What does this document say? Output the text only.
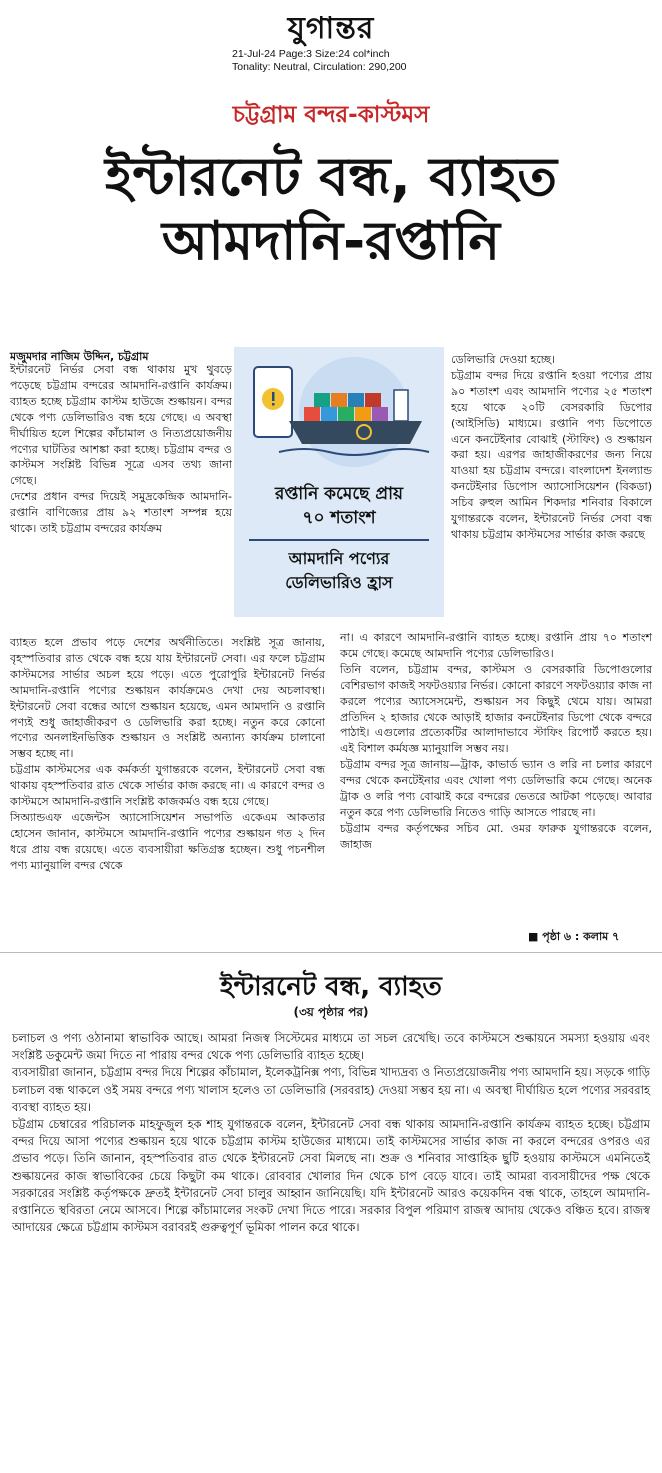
যুগান্তর
21-Jul-24 Page:3 Size:24 col*inch
Tonality: Neutral, Circulation: 290,200
চট্টগ্রাম বন্দর-কাস্টমস
ইন্টারনেট বন্ধ, ব্যাহত
আমদানি-রপ্তানি
মজুমদার নাজিম উদ্দিন, চট্টগ্রাম

ইন্টারনেট নির্ভর সেবা বন্ধ থাকায় মুখ থুবড়ে পড়েছে চট্টগ্রাম বন্দরের আমদানি-রপ্তানি কার্যক্রম। ব্যাহত হচ্ছে চট্টগ্রাম কাস্টম হাউজে শুল্কায়ন। বন্দর থেকে পণ্য ডেলিভারিও বন্ধ হয়ে গেছে। এ অবস্থা দীর্ঘায়িত হলে শিল্পের কাঁচামাল ও নিত্যপ্রয়োজনীয় পণ্যের ঘাটতির আশঙ্কা করা হচ্ছে। চট্টগ্রাম বন্দর ও কাস্টমস সংশ্লিষ্ট বিভিন্ন সূত্রে এসব তথ্য জানা গেছে।

দেশের প্রধান বন্দর দিয়েই সমুদ্রকেন্দ্রিক আমদানি-রপ্তানি বাণিজ্যের প্রায় ৯২ শতাংশ সম্পন্ন হয়ে থাকে। তাই চট্টগ্রাম বন্দরের কার্যক্রম

রপ্তানি কমেছে প্রায়
৭০ শতাংশ
আমদানি পণ্যের
ডেলিভারিও হ্রাস

ডেলিভারি দেওয়া হচ্ছে।

চট্টগ্রাম বন্দর দিয়ে রপ্তানি হওয়া পণ্যের প্রায় ৯০ শতাংশ এবং আমদানি পণ্যের ২৫ শতাংশ হয়ে থাকে ২০টি বেসরকারি ডিপোর (আইসিডি) মাধ্যমে। রপ্তানি পণ্য ডিপোতে এনে কনটেইনার বোঝাই (স্টাফিং) ও শুল্কায়ন করা হয়। এরপর জাহাজীকরণের জন্য নিয়ে যাওয়া হয় চট্টগ্রাম বন্দরে। বাংলাদেশ ইনল্যান্ড কনটেইনার ডিপোস অ্যাসোসিয়েশন (বিকডা) সচিব রুহুল আমিন শিকদার শনিবার বিকালে যুগান্তরকে বলেন, ইন্টারনেট নির্ভর সেবা বন্ধ থাকায় চট্টগ্রাম কাস্টমসের সার্ভার কাজ করছে

ব্যাহত হলে প্রভাব পড়ে দেশের অর্থনীতিতে। সংশ্লিষ্ট সূত্র জানায়, বৃহস্পতিবার রাত থেকে বন্ধ হয়ে যায় ইন্টারনেট সেবা। এর ফলে চট্টগ্রাম কাস্টমসের সার্ভার অচল হয়ে পড়ে। এতে পুরোপুরি ইন্টারনেট নির্ভর আমদানি-রপ্তানি পণ্যের শুল্কায়ন কার্যক্রমেও দেখা দেয় অচলাবস্থা। ইন্টারনেট সেবা বন্ধের আগে শুল্কায়ন হয়েছে, এমন আমদানি ও রপ্তানি পণ্যই শুধু জাহাজীকরণ ও ডেলিভারি করা হচ্ছে। নতুন করে কোনো পণ্যের অনলাইনভিত্তিক শুল্কায়ন ও সংশ্লিষ্ট অন্যান্য কার্যক্রম চালানো সম্ভব হচ্ছে না।

চট্টগ্রাম কাস্টমসের এক কর্মকর্তা যুগান্তরকে বলেন, ইন্টারনেট সেবা বন্ধ থাকায় বৃহস্পতিবার রাত থেকে সার্ভার কাজ করছে না। এ কারণে বন্দর ও কাস্টমসে আমদানি-রপ্তানি সংশ্লিষ্ট কাজকর্মও বন্ধ হয়ে গেছে।

সিঅ্যান্ডএফ এজেন্টস অ্যাসোসিয়েশন সভাপতি একেএম আকতার হোসেন জানান, কাস্টমসে আমদানি-রপ্তানি পণ্যের শুল্কায়ন গত ২ দিন ধরে প্রায় বন্ধ রয়েছে। এতে ব্যবসায়ীরা ক্ষতিগ্রস্ত হচ্ছেন। শুধু পচনশীল পণ্য ম্যানুয়ালি বন্দর থেকে

না। এ কারণে আমদানি-রপ্তানি ব্যাহত হচ্ছে। রপ্তানি প্রায় ৭০ শতাংশ কমে গেছে। কমেছে আমদানি পণ্যের ডেলিভারিও।

তিনি বলেন, চট্টগ্রাম বন্দর, কাস্টমস ও বেসরকারি ডিপোগুলোর বেশিরভাগ কাজই সফটওয়্যার নির্ভর। কোনো কারণে সফটওয়্যার কাজ না করলে পণ্যের অ্যাসেসমেন্ট, শুল্কায়ন সব কিছুই থেমে যায়। আমরা প্রতিদিন ২ হাজার থেকে আড়াই হাজার কনটেইনার ডিপো থেকে বন্দরে পাঠাই। এগুলোর প্রত্যেকটির আলাদাভাবে স্টাফিং রিপোর্ট করতে হয়। এই বিশাল কর্মযজ্ঞ ম্যানুয়ালি সম্ভব নয়।

চট্টগ্রাম বন্দর সূত্র জানায়—ট্রাক, কাভার্ড ভ্যান ও লরি না চলার কারণে বন্দর থেকে কনটেইনার এবং খোলা পণ্য ডেলিভারি কমে গেছে। অনেক ট্রাক ও লরি পণ্য বোঝাই করে বন্দরের ভেতরে আটকা পড়েছে। আবার নতুন করে পণ্য ডেলিভারি নিতেও গাড়ি আসতে পারছে না।

চট্টগ্রাম বন্দর কর্তৃপক্ষের সচিব মো. ওমর ফারুক যুগান্তরকে বলেন, জাহাজ

■ পৃষ্ঠা ৬ : কলাম ৭
ইন্টারনেট বন্ধ, ব্যাহত
(৩য় পৃষ্ঠার পর)

চলাচল ও পণ্য ওঠানামা স্বাভাবিক আছে। আমরা নিজস্ব সিস্টেমের মাধ্যমে তা সচল রেখেছি। তবে কাস্টমসে শুল্কায়নে সমস্যা হওয়ায় এবং সংশ্লিষ্ট ডকুমেন্ট জমা দিতে না পারায় বন্দর থেকে পণ্য ডেলিভারি ব্যাহত হচ্ছে।

ব্যবসায়ীরা জানান, চট্টগ্রাম বন্দর দিয়ে শিল্পের কাঁচামাল, ইলেকট্রনিক্স পণ্য, বিভিন্ন খাদ্যদ্রব্য ও নিত্যপ্রয়োজনীয় পণ্য আমদানি হয়। সড়কে গাড়ি চলাচল বন্ধ থাকলে ওই সময় বন্দরে পণ্য খালাস হলেও তা ডেলিভারি (সরবরাহ) দেওয়া সম্ভব হয় না। এ অবস্থা দীর্ঘায়িত হলে পণ্যের সরবরাহ ব্যবস্থা ব্যাহত হয়।

চট্টগ্রাম চেম্বারের পরিচালক মাহফুজুল হক শাহ যুগান্তরকে বলেন, ইন্টারনেট সেবা বন্ধ থাকায় আমদানি-রপ্তানি কার্যক্রম ব্যাহত হচ্ছে। চট্টগ্রাম বন্দর দিয়ে আসা পণ্যের শুল্কায়ন হয়ে থাকে চট্টগ্রাম কাস্টম হাউজের মাধ্যমে। তাই কাস্টমসের সার্ভার কাজ না করলে বন্দরের ওপরও এর প্রভাব পড়ে। তিনি জানান, বৃহস্পতিবার রাত থেকে ইন্টারনেট সেবা মিলছে না। শুক্র ও শনিবার সাপ্তাহিক ছুটি হওয়ায় কাস্টমসে এমনিতেই শুল্কায়নের কাজ স্বাভাবিকের চেয়ে কিছুটা কম থাকে। রোববার খোলার দিন থেকে চাপ বেড়ে যাবে। তাই আমরা ব্যবসায়ীদের পক্ষ থেকে সরকারের সংশ্লিষ্ট কর্তৃপক্ষকে দ্রুতই ইন্টারনেট সেবা চালুর আহ্বান জানিয়েছি। যদি ইন্টারনেট আরও কয়েকদিন বন্ধ থাকে, তাহলে আমদানি-রপ্তানিতে স্থবিরতা নেমে আসবে। শিল্পে কাঁচামালের সংকট দেখা দিতে পারে। সরকার বিপুল পরিমাণ রাজস্ব আদায় থেকেও বঞ্চিত হবে। রাজস্ব আদায়ের ক্ষেত্রে চট্টগ্রাম কাস্টমস বরাবরই গুরুত্বপূর্ণ ভূমিকা পালন করে থাকে।
